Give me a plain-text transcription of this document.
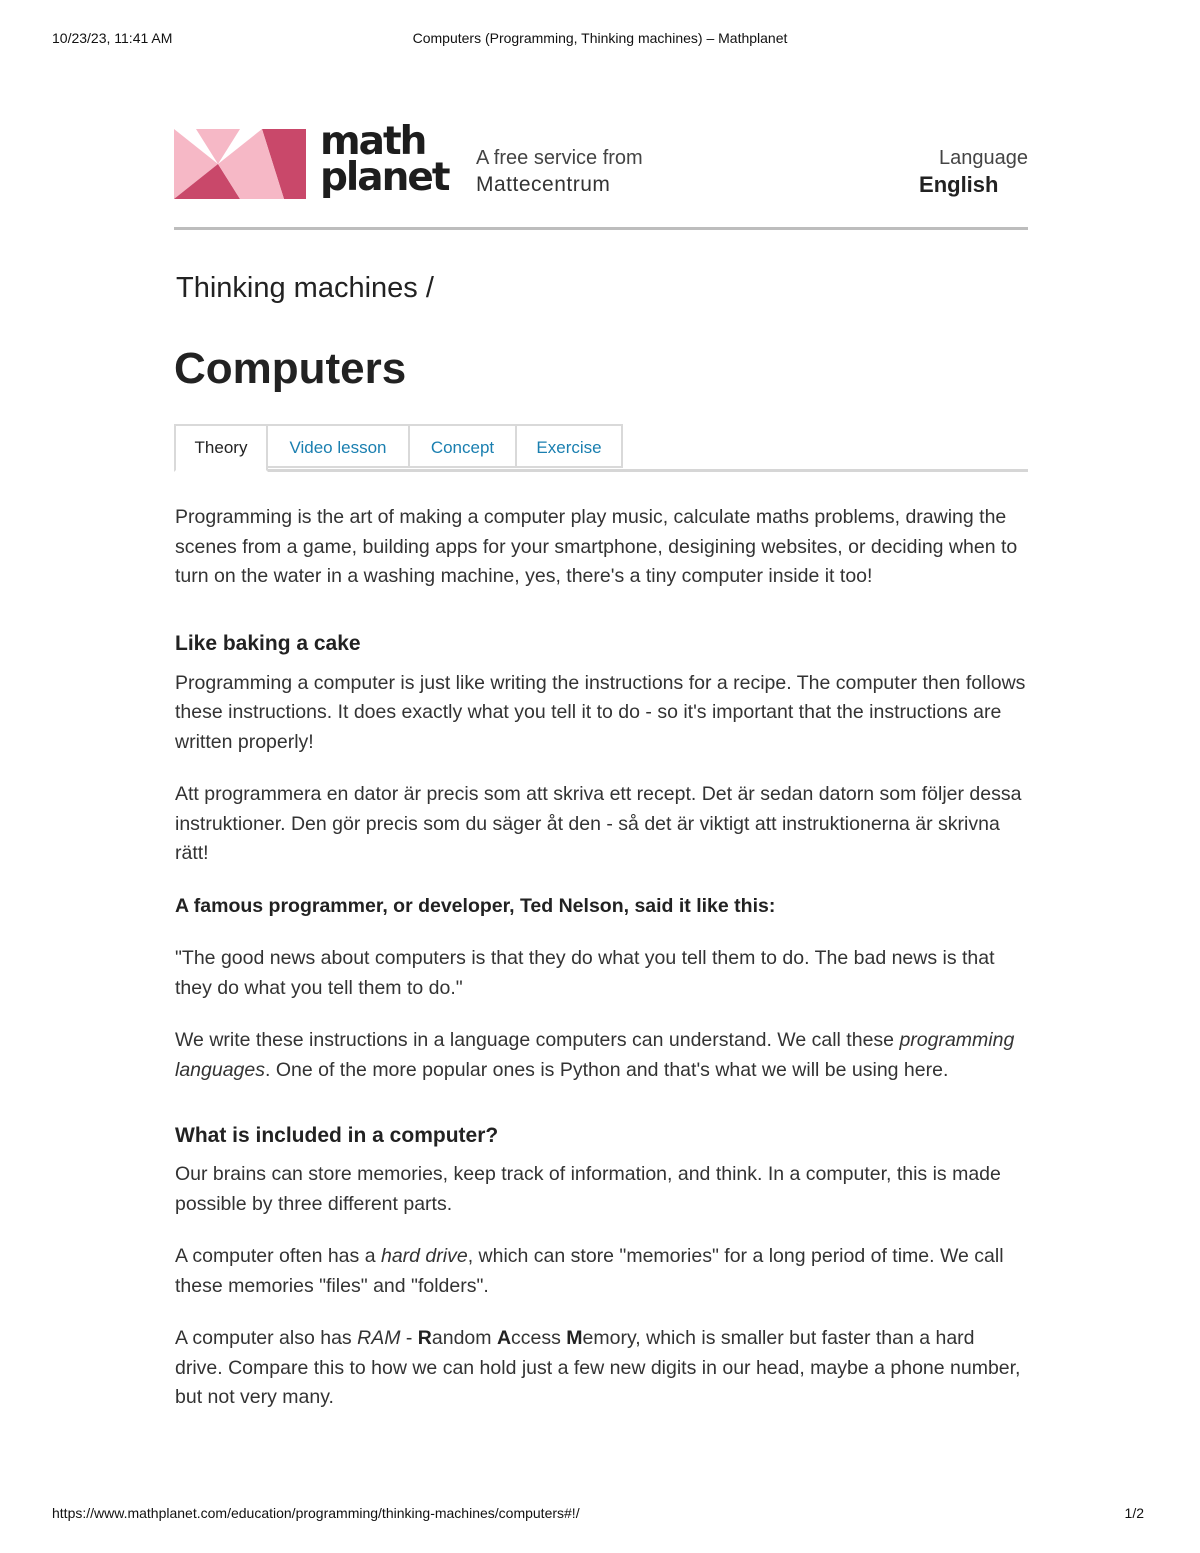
10/23/23, 11:41 AM	Computers (Programming, Thinking machines) – Mathplanet
math
planet	A free service from
Mattecentrum
Language
English
Thinking machines /
Computers
Theory	Video lesson	Concept	Exercise

Programming is the art of making a computer play music, calculate maths problems, drawing the scenes from a game, building apps for your smartphone, desigining websites, or deciding when to turn on the water in a washing machine, yes, there's a tiny computer inside it too!

Like baking a cake

Programming a computer is just like writing the instructions for a recipe. The computer then follows these instructions. It does exactly what you tell it to do - so it's important that the instructions are written properly!

Att programmera en dator är precis som att skriva ett recept. Det är sedan datorn som följer dessa instruktioner. Den gör precis som du säger åt den - så det är viktigt att instruktionerna är skrivna rätt!

A famous programmer, or developer, Ted Nelson, said it like this:

"The good news about computers is that they do what you tell them to do. The bad news is that they do what you tell them to do."

We write these instructions in a language computers can understand. We call these programming languages. One of the more popular ones is Python and that's what we will be using here.

What is included in a computer?

Our brains can store memories, keep track of information, and think. In a computer, this is made possible by three different parts.

A computer often has a hard drive, which can store "memories" for a long period of time. We call these memories "files" and "folders".

A computer also has RAM - Random Access Memory, which is smaller but faster than a hard drive. Compare this to how we can hold just a few new digits in our head, maybe a phone number, but not very many.

https://www.mathplanet.com/education/programming/thinking-machines/computers#!/	1/2
